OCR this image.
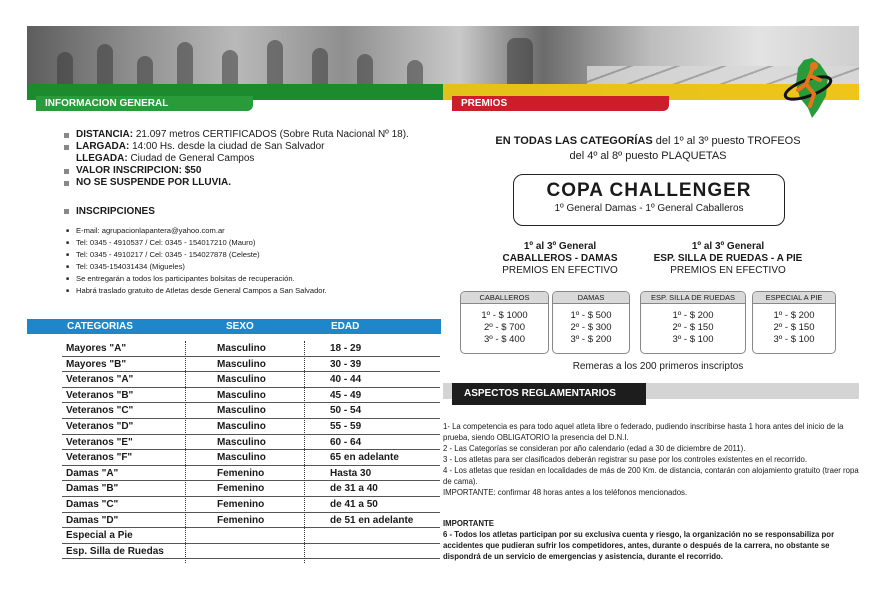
INFORMACION GENERAL	PREMIOS
DISTANCIA: 21.097 metros CERTIFICADOS (Sobre Ruta Nacional Nº 18).
LARGADA: 14:00 Hs. desde la ciudad de San Salvador
LLEGADA: Ciudad de General Campos
VALOR INSCRIPCION: $50
NO SE SUSPENDE POR LLUVIA.
INSCRIPCIONES
■ E-mail: agrupacionlapantera@yahoo.com.ar
■ Tel: 0345 - 4910537 / Cel: 0345 - 154017210 (Mauro)
■ Tel: 0345 - 4910217 / Cel: 0345 - 154027878 (Celeste)
■ Tel: 0345-154031434 (Migueles)
■ Se entregarán a todos los participantes bolsitas de recuperación.
■ Habrá traslado gratuito de Atletas desde General Campos a San Salvador.
CATEGORIAS	SEXO	EDAD
Mayores "A"	Masculino	18 - 29
Mayores "B"	Masculino	30 - 39
Veteranos "A"	Masculino	40 - 44
Veteranos "B"	Masculino	45 - 49
Veteranos "C"	Masculino	50 - 54
Veteranos "D"	Masculino	55 - 59
Veteranos "E"	Masculino	60 - 64
Veteranos "F"	Masculino	65 en adelante
Damas "A"	Femenino	Hasta 30
Damas "B"	Femenino	de 31 a 40
Damas "C"	Femenino	de 41 a 50
Damas "D"	Femenino	de 51 en adelante
Especial a Pie
Esp. Silla de Ruedas
EN TODAS LAS CATEGORÍAS del 1º al 3º puesto TROFEOS
del 4º al 8º puesto PLAQUETAS
COPA CHALLENGER
1º General Damas - 1º General Caballeros
1º al 3º General
CABALLEROS - DAMAS
PREMIOS EN EFECTIVO
1º al 3º General
ESP. SILLA DE RUEDAS - A PIE
PREMIOS EN EFECTIVO
CABALLEROS
1º - $ 1000
2º - $ 700
3º - $ 400
DAMAS
1º - $ 500
2º - $ 300
3º - $ 200
ESP. SILLA DE RUEDAS
1º - $ 200
2º - $ 150
3º - $ 100
ESPECIAL A PIE
1º - $ 200
2º - $ 150
3º - $ 100
Remeras a los 200 primeros inscriptos
ASPECTOS REGLAMENTARIOS
1- La competencia es para todo aquel atleta libre o federado, pudiendo inscribirse hasta 1 hora antes del inicio de la prueba, siendo OBLIGATORIO la presencia del D.N.I.
2 - Las Categorías se consideran por año calendario (edad a 30 de diciembre de 2011).
3 - Los atletas para ser clasificados deberán registrar su pase por los controles existentes en el recorrido.
4 - Los atletas que residan en localidades de más de 200 Km. de distancia, contarán con alojamiento gratuito (traer ropa de cama).
IMPORTANTE: confirmar 48 horas antes a los teléfonos mencionados.
IMPORTANTE
6 - Todos los atletas participan por su exclusiva cuenta y riesgo, la organización no se responsabiliza por accidentes que pudieran sufrir los competidores, antes, durante o después de la carrera, no obstante se dispondrá de un servicio de emergencias y asistencia, durante el recorrido.
